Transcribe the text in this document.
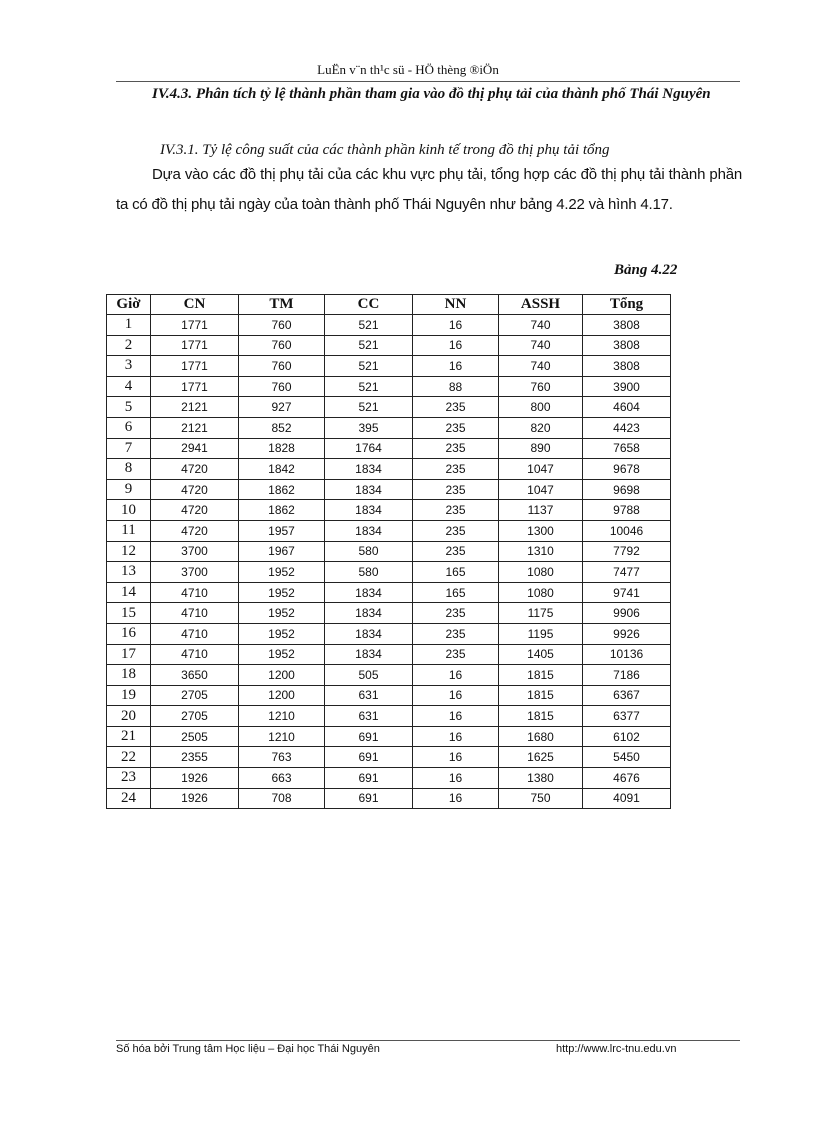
LuËn v¨n th¹c sü - HÖ thèng ®iÖn
IV.4.3. Phân tích tỷ lệ thành phần tham gia vào đồ thị phụ tải của thành phố Thái Nguyên
IV.3.1. Tỷ lệ công suất của các thành phần kinh tế trong đồ thị phụ tải tổng
Dựa vào các đồ thị phụ tải của các khu vực phụ tải, tổng hợp các đồ thị phụ tải thành phần ta có đồ thị phụ tải ngày của toàn thành phố Thái Nguyên như bảng 4.22 và hình 4.17.
Bảng 4.22
Giờ	CN	TM	CC	NN	ASSH	Tổng
1	1771	760	521	16	740	3808
2	1771	760	521	16	740	3808
3	1771	760	521	16	740	3808
4	1771	760	521	88	760	3900
5	2121	927	521	235	800	4604
6	2121	852	395	235	820	4423
7	2941	1828	1764	235	890	7658
8	4720	1842	1834	235	1047	9678
9	4720	1862	1834	235	1047	9698
10	4720	1862	1834	235	1137	9788
11	4720	1957	1834	235	1300	10046
12	3700	1967	580	235	1310	7792
13	3700	1952	580	165	1080	7477
14	4710	1952	1834	165	1080	9741
15	4710	1952	1834	235	1175	9906
16	4710	1952	1834	235	1195	9926
17	4710	1952	1834	235	1405	10136
18	3650	1200	505	16	1815	7186
19	2705	1200	631	16	1815	6367
20	2705	1210	631	16	1815	6377
21	2505	1210	691	16	1680	6102
22	2355	763	691	16	1625	5450
23	1926	663	691	16	1380	4676
24	1926	708	691	16	750	4091
Số hóa bởi Trung tâm Học liệu – Đại học Thái Nguyên	http://www.lrc-tnu.edu.vn
